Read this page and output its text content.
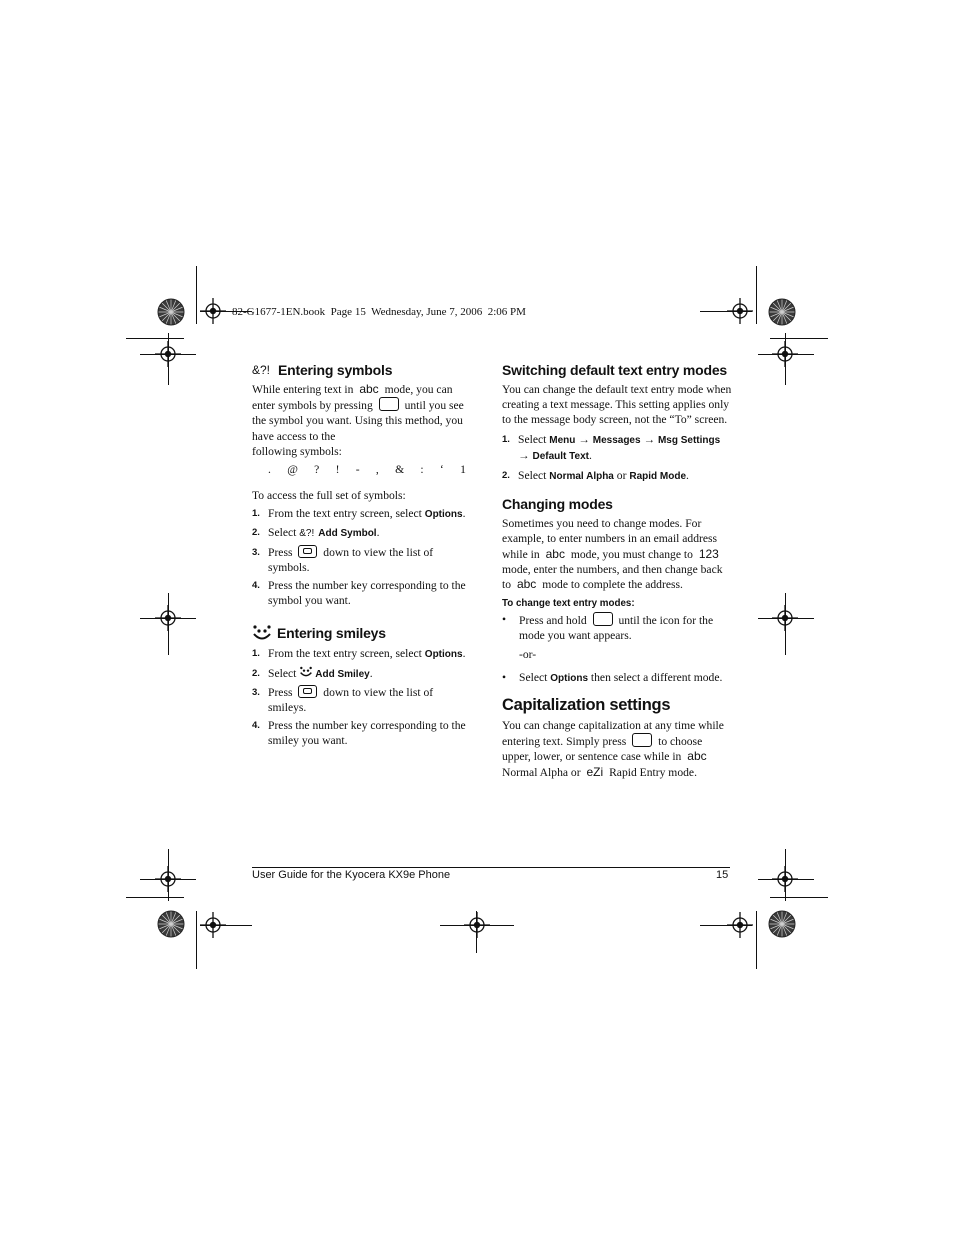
82-G1677-1EN.book  Page 15  Wednesday, June 7, 2006  2:06 PM
&?! Entering symbols
While entering text in abc mode, you can enter symbols by pressing	until you see the symbol you want. Using this method, you have access to the
following symbols:
. @ ? ! - , & : ‘ 1
To access the full set of symbols:
1. From the text entry screen, select Options.
2. Select &?! Add Symbol.
3. Press	down to view the list of symbols.
4. Press the number key corresponding to the symbol you want.
Entering smileys
1. From the text entry screen, select Options.
2. Select Add Smiley.
3. Press	down to view the list of smileys.
4. Press the number key corresponding to the smiley you want.
Switching default text entry modes
You can change the default text entry mode when creating a text message. This setting applies only to the message body screen, not the “To” screen.
1. Select Menu → Messages → Msg Settings
→ Default Text.
2. Select Normal Alpha or Rapid Mode.
Changing modes
Sometimes you need to change modes. For example, to enter numbers in an email address while in abc mode, you must change to 123 mode, enter the numbers, and then change back to abc mode to complete the address.
To change text entry modes:
•	Press and hold	until the icon for the mode you want appears.
-or-
•	Select Options then select a different mode.
Capitalization settings
You can change capitalization at any time while entering text. Simply press	to choose upper, lower, or sentence case while in abc Normal Alpha or eZi Rapid Entry mode.
User Guide for the Kyocera KX9e Phone	15
